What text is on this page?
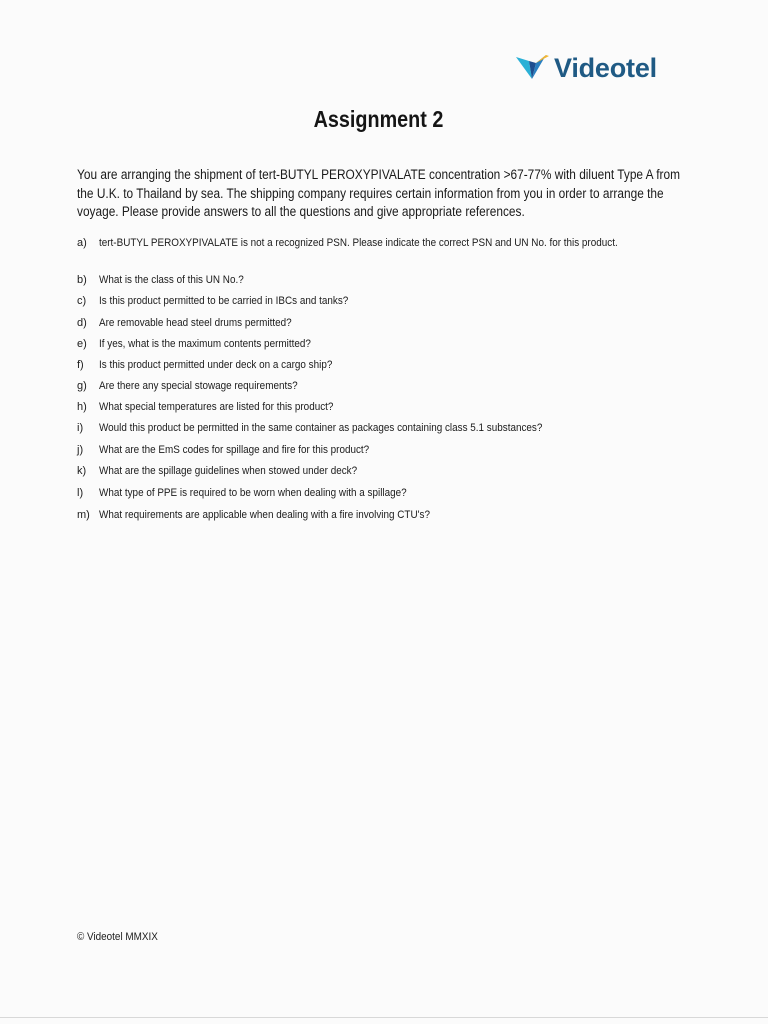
Videotel
Assignment 2
You are arranging the shipment of tert-BUTYL PEROXYPIVALATE concentration >67-77% with diluent Type A from the U.K. to Thailand by sea. The shipping company requires certain information from you in order to arrange the voyage. Please provide answers to all the questions and give appropriate references.
a)	tert-BUTYL PEROXYPIVALATE is not a recognized PSN. Please indicate the correct PSN and UN No. for this product.
b)	What is the class of this UN No.?
c)	Is this product permitted to be carried in IBCs and tanks?
d)	Are removable head steel drums permitted?
e)	If yes, what is the maximum contents permitted?
f)	Is this product permitted under deck on a cargo ship?
g)	Are there any special stowage requirements?
h)	What special temperatures are listed for this product?
i)	Would this product be permitted in the same container as packages containing class 5.1 substances?
j)	What are the EmS codes for spillage and fire for this product?
k)	What are the spillage guidelines when stowed under deck?
l)	What type of PPE is required to be worn when dealing with a spillage?
m) What requirements are applicable when dealing with a fire involving CTU's?
© Videotel MMXIX
